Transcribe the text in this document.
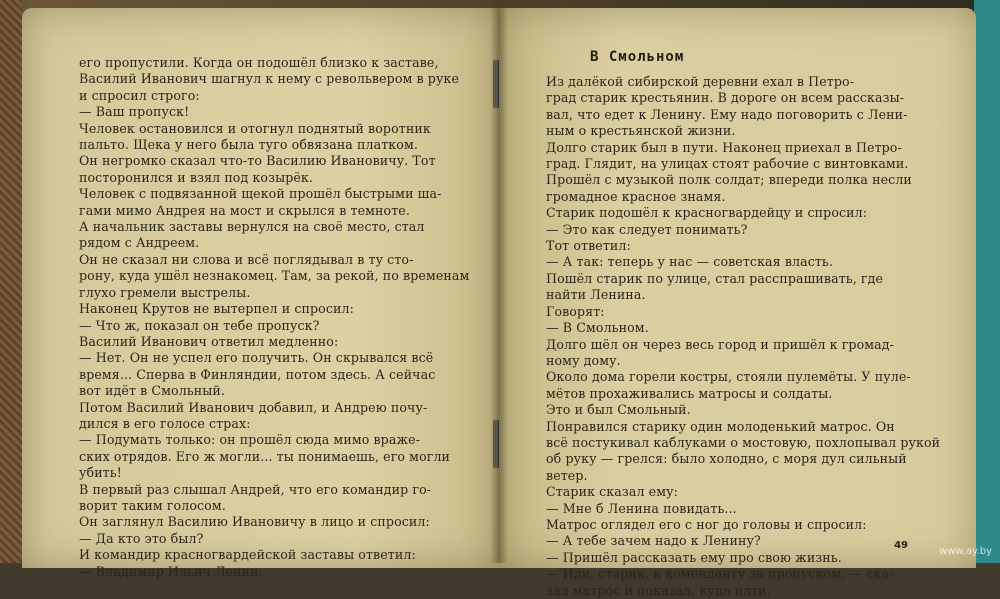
его пропустили. Когда он подошёл близко к заставе,

Василий Иванович шагнул к нему с револьвером в руке

и спросил строго:

— Ваш пропуск!

Человек остановился и отогнул поднятый воротник

пальто. Щека у него была туго обвязана платком.

Он негромко сказал что-то Василию Ивановичу. Тот

посторонился и взял под козырёк.

Человек с подвязанной щекой прошёл быстрыми ша-

гами мимо Андрея на мост и скрылся в темноте.

А начальник заставы вернулся на своё место, стал

рядом с Андреем.

Он не сказал ни слова и всё поглядывал в ту сто-

рону, куда ушёл незнакомец. Там, за рекой, по временам

глухо гремели выстрелы.

Наконец Крутов не вытерпел и спросил:

— Что ж, показал он тебе пропуск?

Василий Иванович ответил медленно:

— Нет. Он не успел его получить. Он скрывался всё

время... Сперва в Финляндии, потом здесь. А сейчас

вот идёт в Смольный.

Потом Василий Иванович добавил, и Андрею почу-

дился в его голосе страх:

— Подумать только: он прошёл сюда мимо враже-

ских отрядов. Его ж могли... ты понимаешь, его могли

убить!

В первый раз слышал Андрей, что его командир го-

ворит таким голосом.

Он заглянул Василию Ивановичу в лицо и спросил:

— Да кто это был?

И командир красногвардейской заставы ответил:

— Владимир Ильич Ленин.

В Смольном

Из далёкой сибирской деревни ехал в Петро-

град старик крестьянин. В дороге он всем рассказы-

вал, что едет к Ленину. Ему надо поговорить с Лени-

ным о крестьянской жизни.

Долго старик был в пути. Наконец приехал в Петро-

град. Глядит, на улицах стоят рабочие с винтовками.

Прошёл с музыкой полк солдат; впереди полка несли

громадное красное знамя.

Старик подошёл к красногвардейцу и спросил:

— Это как следует понимать?

Тот ответил:

— А так: теперь у нас — советская власть.

Пошёл старик по улице, стал расспрашивать, где

найти Ленина.

Говорят:

— В Смольном.

Долго шёл он через весь город и пришёл к громад-

ному дому.

Около дома горели костры, стояли пулемёты. У пуле-

мётов прохаживались матросы и солдаты.

Это и был Смольный.

Понравился старику один молоденький матрос. Он

всё постукивал каблуками о мостовую, похлопывал рукой

об руку — грелся: было холодно, с моря дул сильный

ветер.

Старик сказал ему:

— Мне б Ленина повидать...

Матрос оглядел его с ног до головы и спросил:

— А тебе зачем надо к Ленину?

— Пришёл рассказать ему про свою жизнь.

— Иди, старик, к коменданту за пропуском, — ска-

зал матрос и показал, куда идти.

49
www.ay.by
